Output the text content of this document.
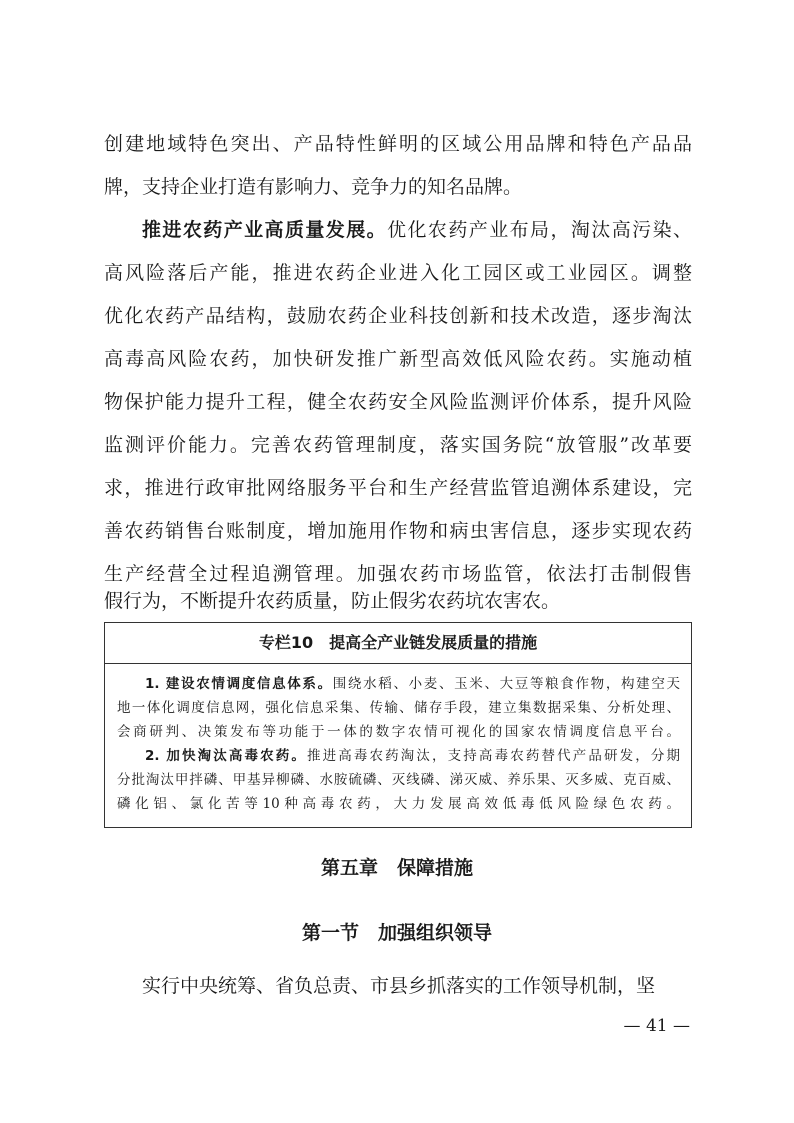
创建地域特色突出、产品特性鲜明的区域公用品牌和特色产品品
牌，支持企业打造有影响力、竞争力的知名品牌。
推进农药产业高质量发展。优化农药产业布局，淘汰高污染、
高风险落后产能，推进农药企业进入化工园区或工业园区。调整
优化农药产品结构，鼓励农药企业科技创新和技术改造，逐步淘汰
高毒高风险农药，加快研发推广新型高效低风险农药。实施动植
物保护能力提升工程，健全农药安全风险监测评价体系，提升风险
监测评价能力。完善农药管理制度，落实国务院“放管服”改革要
求，推进行政审批网络服务平台和生产经营监管追溯体系建设，完
善农药销售台账制度，增加施用作物和病虫害信息，逐步实现农药
生产经营全过程追溯管理。加强农药市场监管，依法打击制假售
假行为，不断提升农药质量，防止假劣农药坑农害农。
专栏10　提高全产业链发展质量的措施
1. 建设农情调度信息体系。围绕水稻、小麦、玉米、大豆等粮食作物，构建空天
地一体化调度信息网，强化信息采集、传输、储存手段，建立集数据采集、分析处理、
会商研判、决策发布等功能于一体的数字农情可视化的国家农情调度信息平台。
2. 加快淘汰高毒农药。推进高毒农药淘汰，支持高毒农药替代产品研发，分期
分批淘汰甲拌磷、甲基异柳磷、水胺硫磷、灭线磷、涕灭威、养乐果、灭多威、克百威、
磷化铝、氯化苦等10种高毒农药，大力发展高效低毒低风险绿色农药。
第五章　保障措施
第一节　加强组织领导
实行中央统筹、省负总责、市县乡抓落实的工作领导机制，坚
— 41 —
